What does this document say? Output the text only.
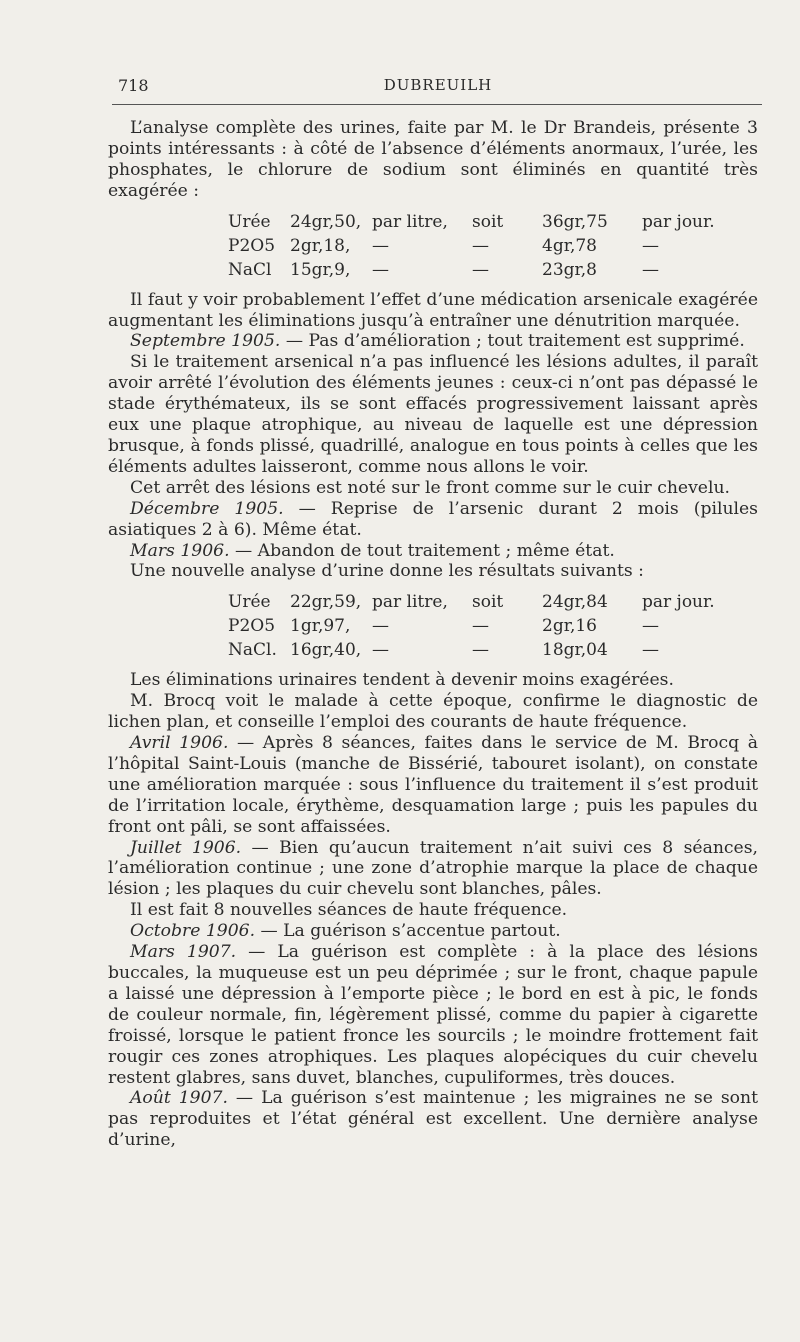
718	DUBREUILH

L’analyse complète des urines, faite par M. le Dr Brandeis, présente 3 points intéressants : à côté de l’absence d’éléments anormaux, l’urée, les phosphates, le chlorure de sodium sont éliminés en quantité très exagérée :

Urée	24gr,50,	par litre,	soit	36gr,75	par jour.
P2O5	2gr,18,	—	—	4gr,78	—
NaCl	15gr,9,	—	—	23gr,8	—

Il faut y voir probablement l’effet d’une médication arsenicale exagérée augmentant les éliminations jusqu’à entraîner une dénutrition marquée.

Septembre 1905. — Pas d’amélioration ; tout traitement est supprimé.

Si le traitement arsenical n’a pas influencé les lésions adultes, il paraît avoir arrêté l’évolution des éléments jeunes : ceux-ci n’ont pas dépassé le stade érythémateux, ils se sont effacés progressivement laissant après eux une plaque atrophique, au niveau de laquelle est une dépression brusque, à fonds plissé, quadrillé, analogue en tous points à celles que les éléments adultes laisseront, comme nous allons le voir.

Cet arrêt des lésions est noté sur le front comme sur le cuir chevelu.

Décembre 1905. — Reprise de l’arsenic durant 2 mois (pilules asiatiques 2 à 6). Même état.

Mars 1906. — Abandon de tout traitement ; même état.

Une nouvelle analyse d’urine donne les résultats suivants :

Urée	22gr,59,	par litre,	soit	24gr,84	par jour.
P2O5	1gr,97,	—	—	2gr,16	—
NaCl.	16gr,40,	—	—	18gr,04	—

Les éliminations urinaires tendent à devenir moins exagérées.

M. Brocq voit le malade à cette époque, confirme le diagnostic de lichen plan, et conseille l’emploi des courants de haute fréquence.

Avril 1906. — Après 8 séances, faites dans le service de M. Brocq à l’hôpital Saint-Louis (manche de Bissérié, tabouret isolant), on constate une amélioration marquée : sous l’influence du traitement il s’est produit de l’irritation locale, érythème, desquamation large ; puis les papules du front ont pâli, se sont affaissées.

Juillet 1906. — Bien qu’aucun traitement n’ait suivi ces 8 séances, l’amélioration continue ; une zone d’atrophie marque la place de chaque lésion ; les plaques du cuir chevelu sont blanches, pâles.

Il est fait 8 nouvelles séances de haute fréquence.

Octobre 1906. — La guérison s’accentue partout.

Mars 1907. — La guérison est complète : à la place des lésions buccales, la muqueuse est un peu déprimée ; sur le front, chaque papule a laissé une dépression à l’emporte pièce ; le bord en est à pic, le fonds de couleur normale, fin, légèrement plissé, comme du papier à cigarette froissé, lorsque le patient fronce les sourcils ; le moindre frottement fait rougir ces zones atrophiques. Les plaques alopéciques du cuir chevelu restent glabres, sans duvet, blanches, cupuliformes, très douces.

Août 1907. — La guérison s’est maintenue ; les migraines ne se sont pas reproduites et l’état général est excellent. Une dernière analyse d’urine,
